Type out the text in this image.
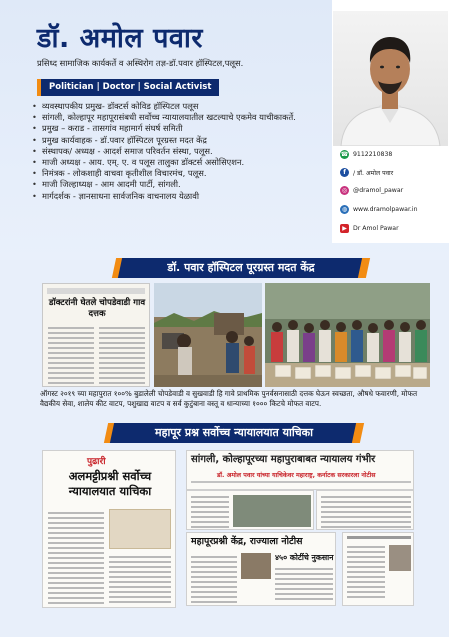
डॉ. अमोल पवार
प्रसिध्द सामाजिक कार्यकर्ते व अस्थिरोग तज्ञ-डॉ.पवार हॉस्पिटल,पलूस.
Politician | Doctor | Social Activist
• व्यवस्थापकीय प्रमुख- डॉक्टर्स कोविड हॉस्पिटल पलूस
• सांगली, कोल्हापूर महापूरासंबधी सर्वोच्च न्यायालयातील खटल्याचे एकमेव याचीकाकर्ते.
• प्रमुख – कराड - तासगांव महामार्ग संघर्ष समिती
• प्रमुख कार्यवाहक - डॉ.पवार हॉस्पिटल पूरग्रस्त मदत केंद्र
• संस्थापक/ अध्यक्ष - आदर्श समाज परिवर्तन संस्था, पलूस.
• माजी अध्यक्ष - आय. एम्. ए. व पलूस तालुका डॉक्टर्स असोसिएशन.
• निमंत्रक - लोकशाही वाचवा कृतीशील विचारमंच, पलूस.
• माजी जिल्हाध्यक्ष - आम आदमी पार्टी, सांगली.
• मार्गदर्शक - ज्ञानसाधना सार्वजनिक वाचनालय येळावी
☎ 9112210838
f	/ डॉ. अमोल पवार
◎ @dramol_pawar
◍ www.dramolpawar.in
▶ Dr Amol Pawar
डॉ. पवार हॉस्पिटल पूरग्रस्त मदत केंद्र
डॉक्टरांनी घेतले चोपडेवाडी गाव दत्तक
ऑगस्ट २०१९ च्या महापुरात १००% बुडालेली चोपडेवाडी व सुखवाडी हि गावे प्राथमिक पुनर्वसनासाठी दत्तक घेऊन स्वच्छता, औषधे फवारणी, मोफत वैद्यकीय सेवा, शालेय कीट वाटप, पशुखाद्य वाटप व सर्व कुटुंबाना वस्तू व धान्याच्या १००० किटचे मोफत वाटप.
महापूर प्रश्न सर्वोच्च न्यायालयात याचिका
पुढारी
अलमट्टीप्रश्नी सर्वोच्च न्यायालयात याचिका
सांगली, कोल्हापूरच्या महापुराबाबत न्यायालय गंभीर
डॉ. अमोल पवार यांच्या याचिकेवर महाराष्ट्र, कर्नाटक सरकारला नोटीस
महापूरप्रश्नी केंद्र, राज्याला नोटीस
४५० कोटींचे नुकसान
